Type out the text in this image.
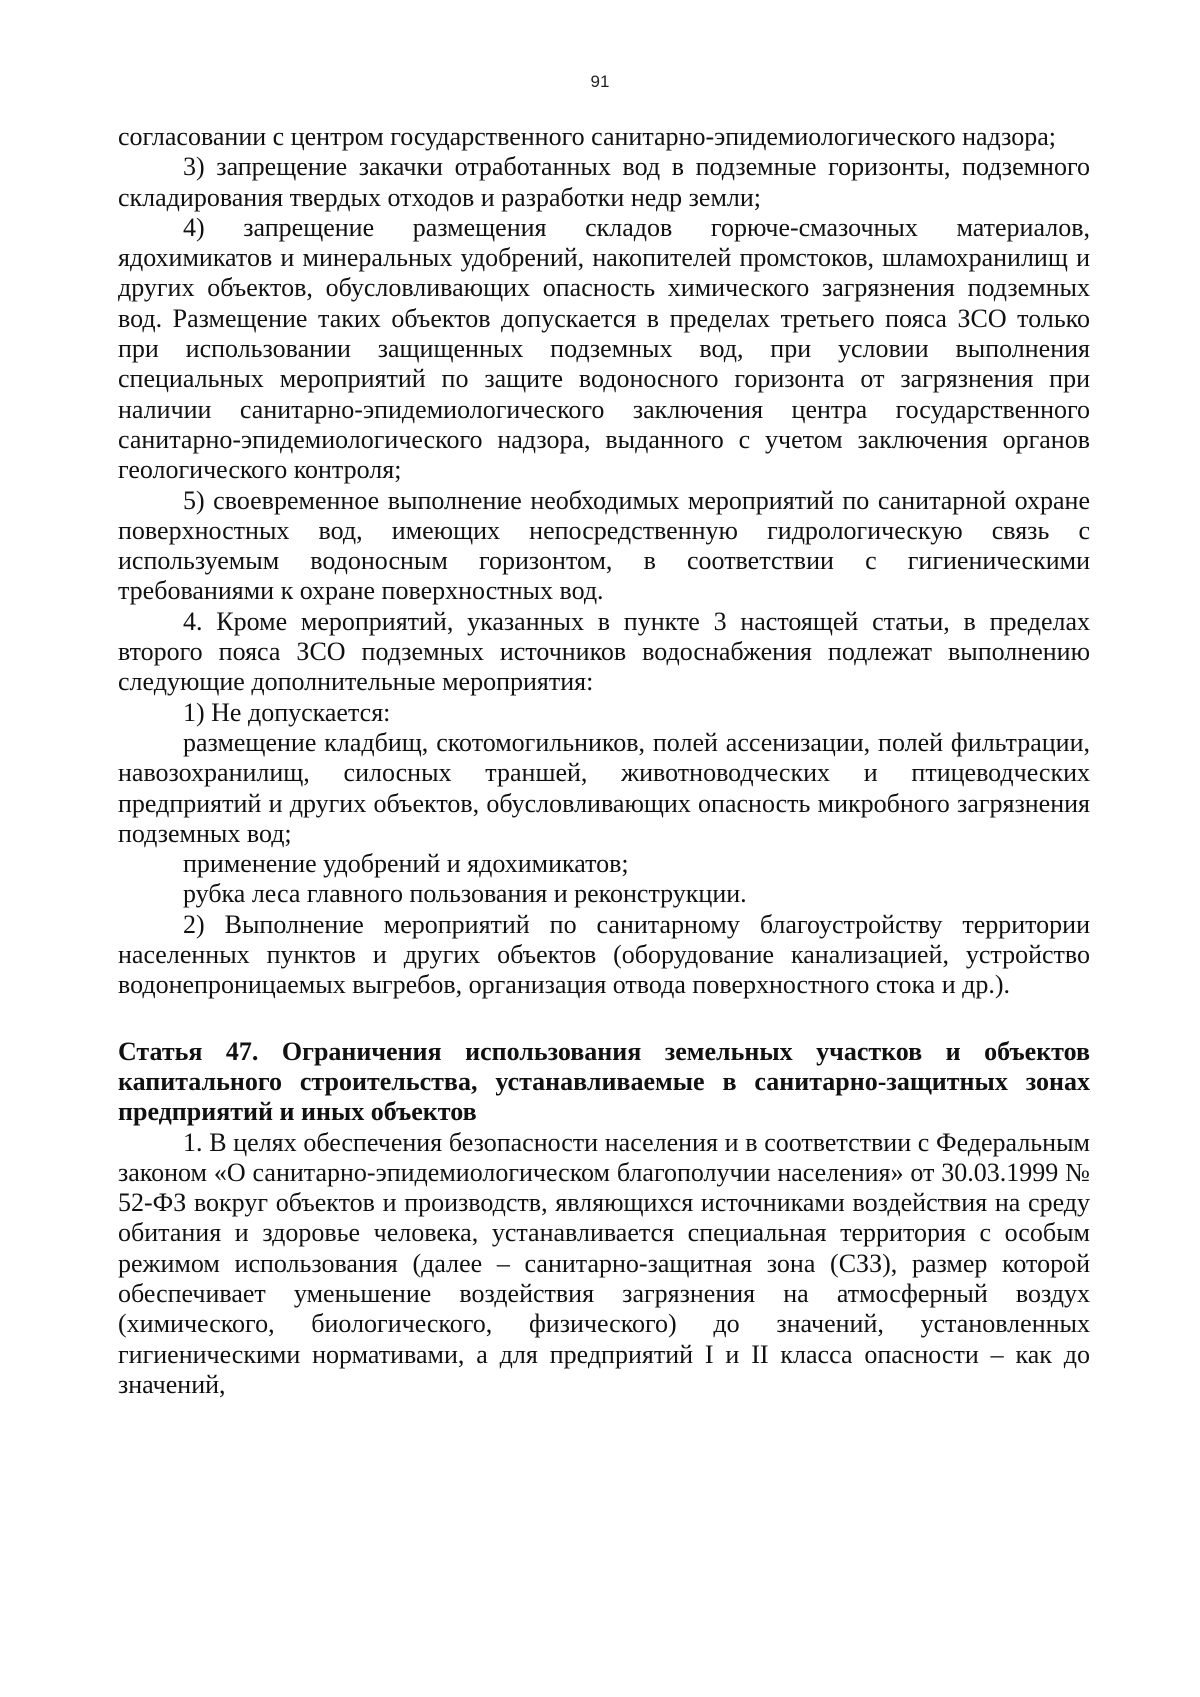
91

согласовании с центром государственного санитарно-эпидемиологического надзора;

3) запрещение закачки отработанных вод в подземные горизонты, подземного складирования твердых отходов и разработки недр земли;

4) запрещение размещения складов горюче-смазочных материалов, ядохимикатов и минеральных удобрений, накопителей промстоков, шламохранилищ и других объектов, обусловливающих опасность химического загрязнения подземных вод. Размещение таких объектов допускается в пределах третьего пояса ЗСО только при использовании защищенных подземных вод, при условии выполнения специальных мероприятий по защите водоносного горизонта от загрязнения при наличии санитарно-эпидемиологического заключения центра государственного санитарно-эпидемиологического надзора, выданного с учетом заключения органов геологического контроля;

5) своевременное выполнение необходимых мероприятий по санитарной охране поверхностных вод, имеющих непосредственную гидрологическую связь с используемым водоносным горизонтом, в соответствии с гигиеническими требованиями к охране поверхностных вод.

4. Кроме мероприятий, указанных в пункте 3 настоящей статьи, в пределах второго пояса ЗСО подземных источников водоснабжения подлежат выполнению следующие дополнительные мероприятия:

1) Не допускается:

размещение кладбищ, скотомогильников, полей ассенизации, полей фильтрации, навозохранилищ, силосных траншей, животноводческих и птицеводческих предприятий и других объектов, обусловливающих опасность микробного загрязнения подземных вод;

применение удобрений и ядохимикатов;

рубка леса главного пользования и реконструкции.

2) Выполнение мероприятий по санитарному благоустройству территории населенных пунктов и других объектов (оборудование канализацией, устройство водонепроницаемых выгребов, организация отвода поверхностного стока и др.).

Статья 47. Ограничения использования земельных участков и объектов капитального строительства, устанавливаемые в санитарно-защитных зонах предприятий и иных объектов

1. В целях обеспечения безопасности населения и в соответствии с Федеральным законом «О санитарно-эпидемиологическом благополучии населения» от 30.03.1999 № 52-ФЗ вокруг объектов и производств, являющихся источниками воздействия на среду обитания и здоровье человека, устанавливается специальная территория с особым режимом использования (далее – санитарно-защитная зона (СЗЗ), размер которой обеспечивает уменьшение воздействия загрязнения на атмосферный воздух (химического, биологического, физического) до значений, установленных гигиеническими нормативами, а для предприятий I и II класса опасности – как до значений,
